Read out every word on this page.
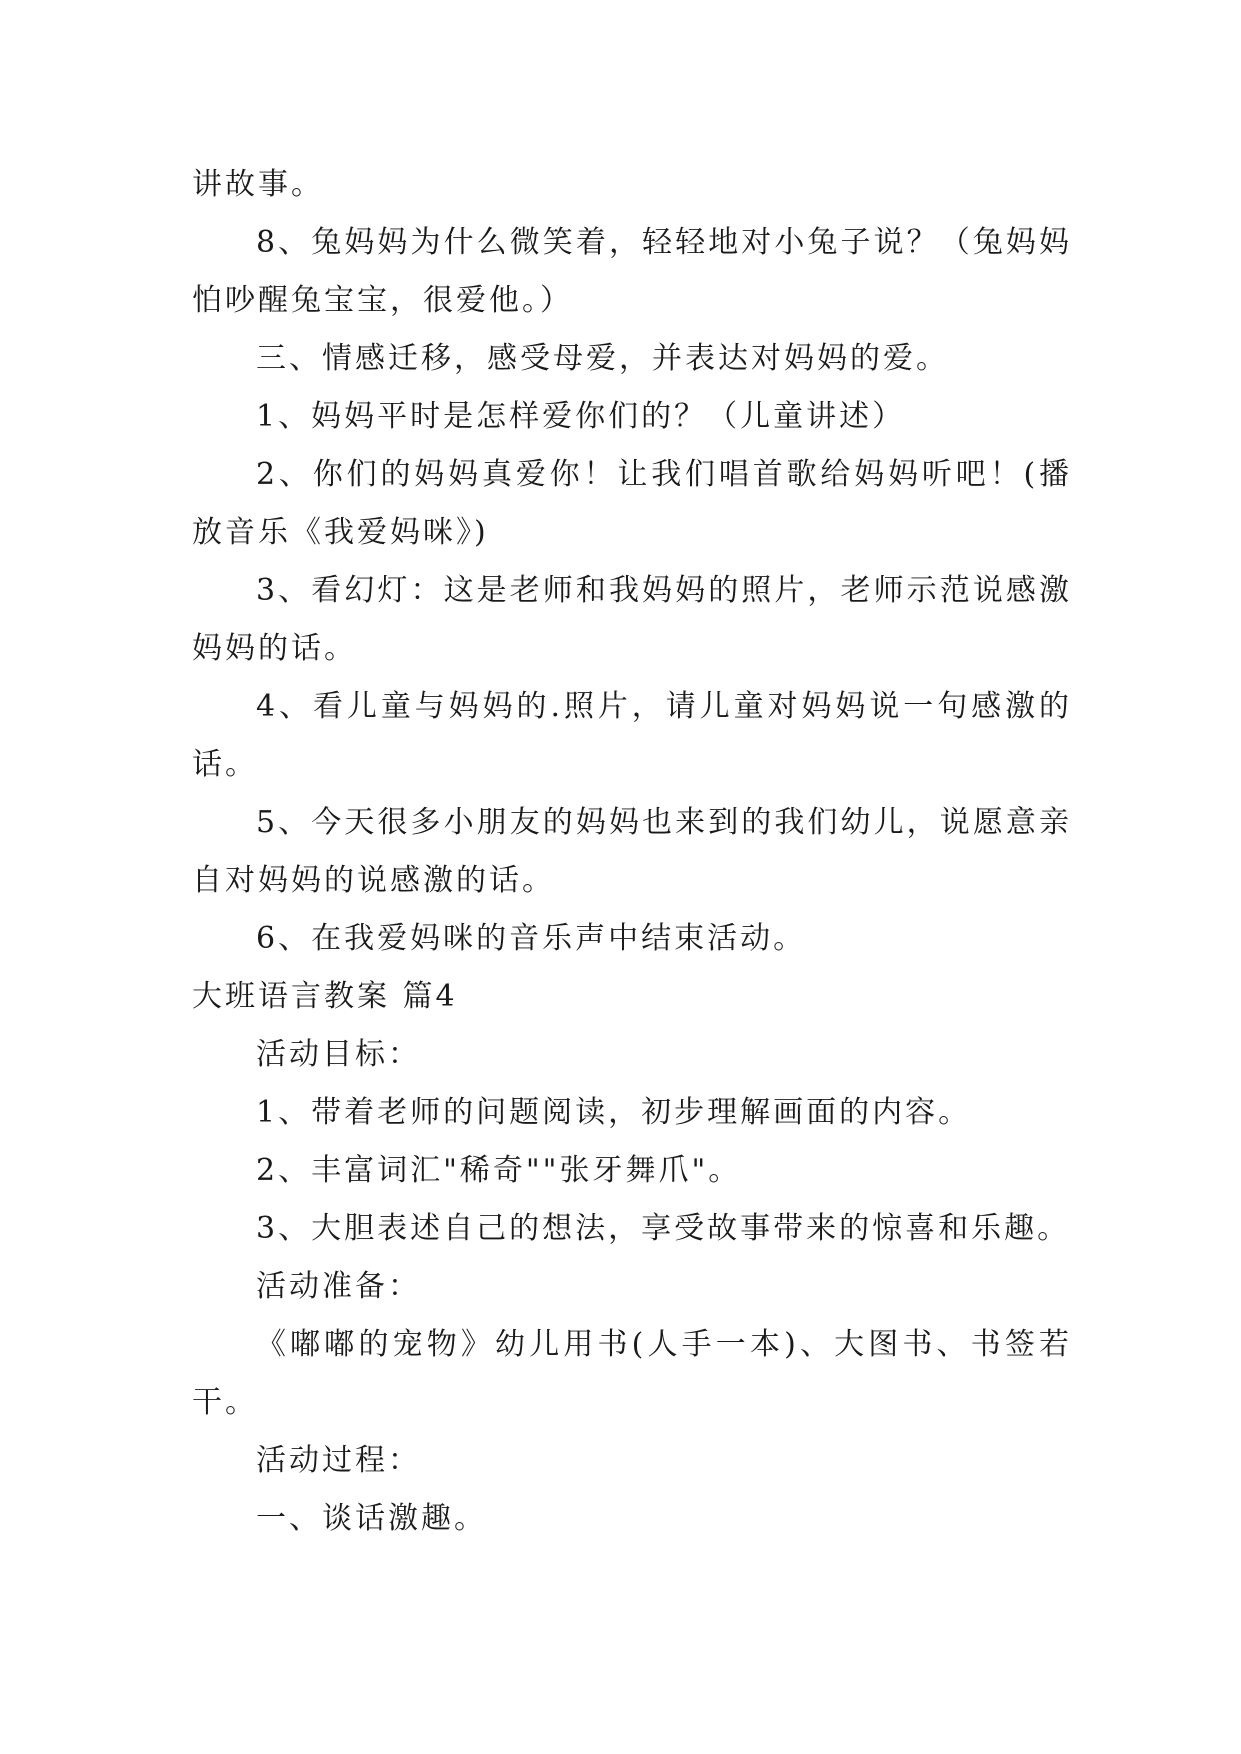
讲故事。

8、兔妈妈为什么微笑着，轻轻地对小兔子说？（兔妈妈怕吵醒兔宝宝，很爱他。）

三、情感迁移，感受母爱，并表达对妈妈的爱。

1、妈妈平时是怎样爱你们的？（儿童讲述）

2、你们的妈妈真爱你！让我们唱首歌给妈妈听吧！(播放音乐《我爱妈咪》)

3、看幻灯：这是老师和我妈妈的照片，老师示范说感激妈妈的话。

4、看儿童与妈妈的.照片，请儿童对妈妈说一句感激的话。

5、今天很多小朋友的妈妈也来到的我们幼儿，说愿意亲自对妈妈的说感激的话。

6、在我爱妈咪的音乐声中结束活动。

大班语言教案 篇4

活动目标：

1、带着老师的问题阅读，初步理解画面的内容。

2、丰富词汇"稀奇""张牙舞爪"。

3、大胆表述自己的想法，享受故事带来的惊喜和乐趣。

活动准备：

《嘟嘟的宠物》幼儿用书(人手一本)、大图书、书签若干。

活动过程：

一、谈话激趣。
